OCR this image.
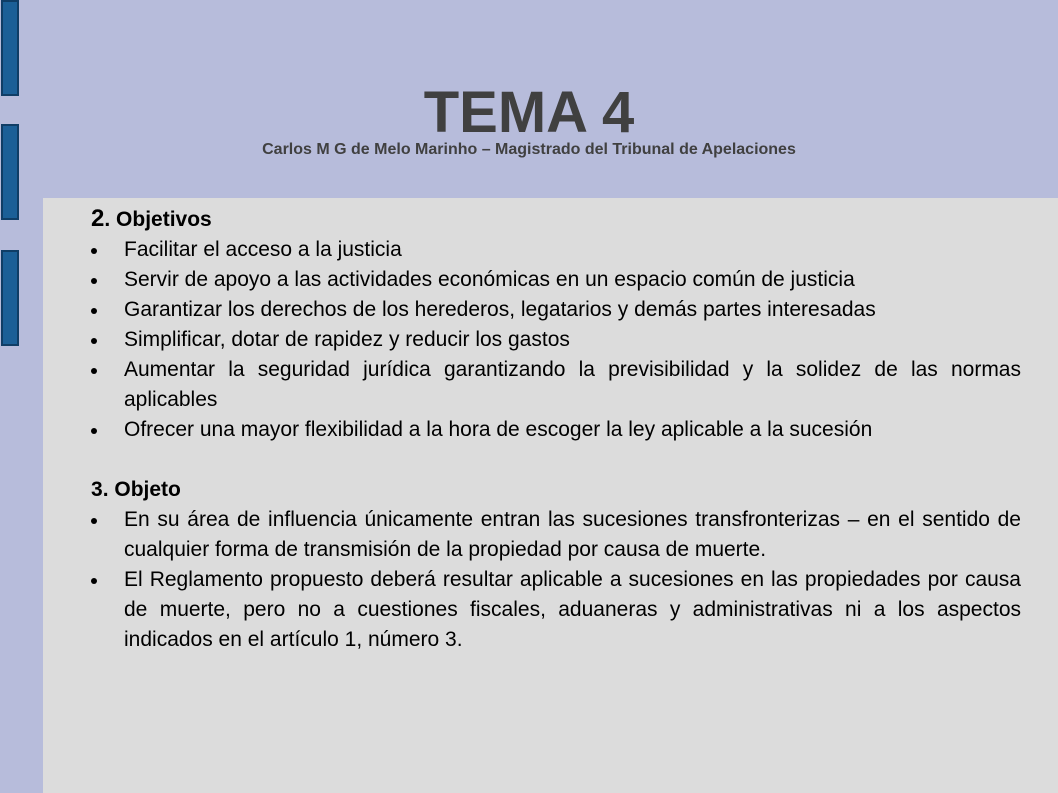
TEMA 4
Carlos M G de Melo Marinho – Magistrado del Tribunal de Apelaciones
2. Objetivos
Facilitar el acceso a la justicia
Servir de apoyo a las actividades económicas en un espacio común de justicia
Garantizar los derechos de los herederos, legatarios y demás partes interesadas
Simplificar, dotar de rapidez y reducir los gastos
Aumentar la seguridad jurídica garantizando la previsibilidad y la solidez de las normas aplicables
Ofrecer una mayor flexibilidad a la hora de escoger la ley aplicable a la sucesión
3. Objeto
En su área de influencia únicamente entran las sucesiones transfronterizas – en el sentido de cualquier forma de transmisión de la propiedad por causa de muerte.
El Reglamento propuesto deberá resultar aplicable a sucesiones en las propiedades por causa de muerte, pero no a cuestiones fiscales, aduaneras y administrativas ni a los aspectos indicados en el artículo 1, número 3.
